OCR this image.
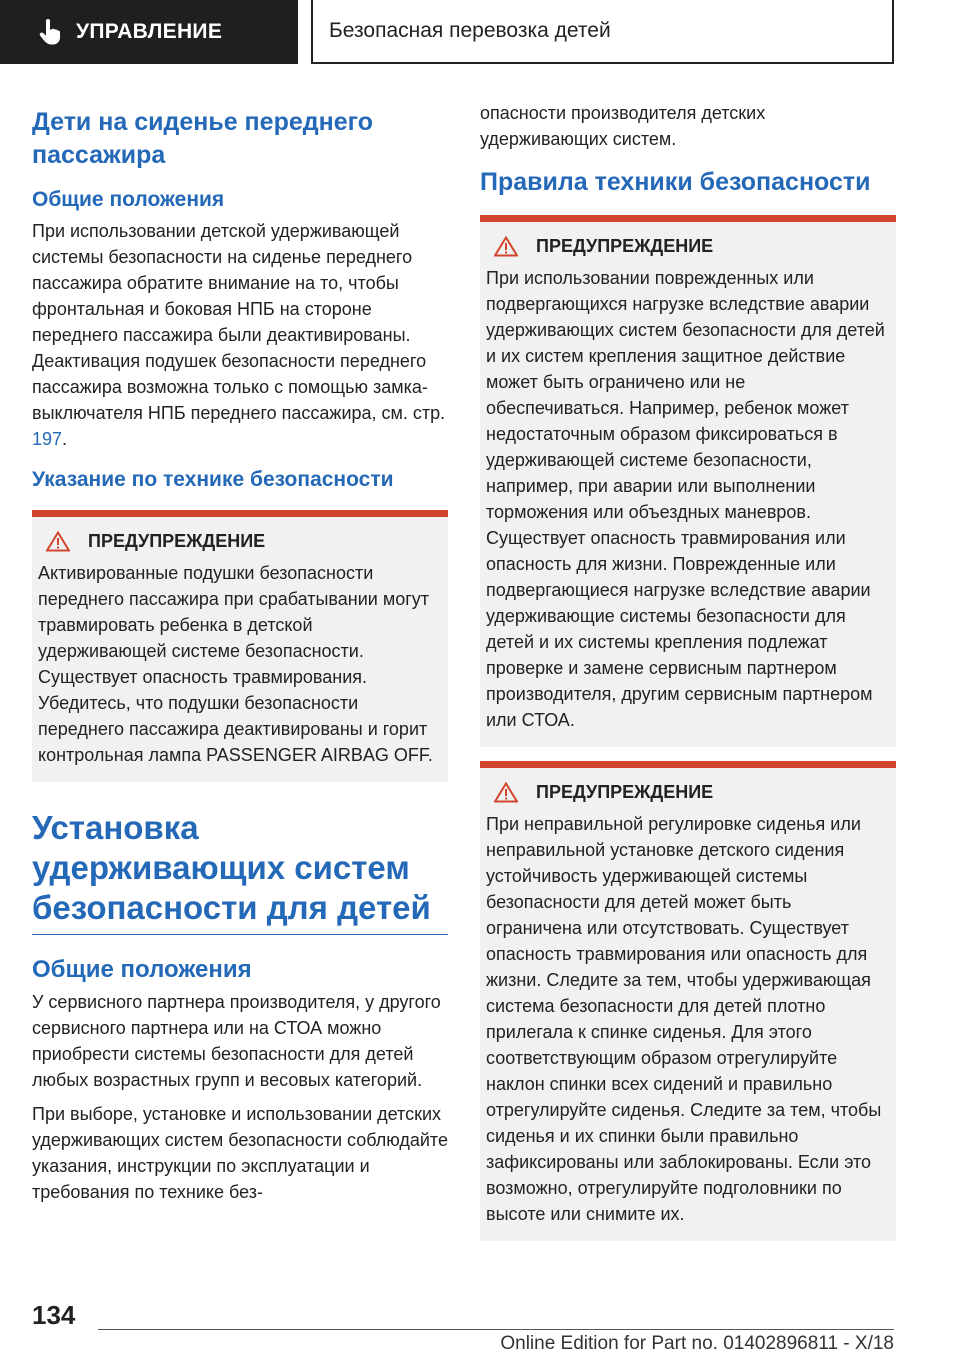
УПРАВЛЕНИЕ	Безопасная перевозка детей
Дети на сиденье переднего пассажира
Общие положения

При использовании детской удерживающей системы безопасности на сиденье переднего пассажира обратите внимание на то, чтобы фронтальная и боковая НПБ на стороне переднего пассажира были деактивированы. Деактивация подушек безопасности переднего пассажира возможна только с помощью замка-выключателя НПБ переднего пассажира, см. стр. 197.

Указание по технике безопасности
ПРЕДУПРЕЖДЕНИЕ

Активированные подушки безопасности переднего пассажира при срабатывании могут травмировать ребенка в детской удерживающей системе безопасности. Существует опасность травмирования. Убедитесь, что подушки безопасности переднего пассажира деактивированы и горит контрольная лампа PASSENGER AIRBAG OFF.

Установка удерживающих систем безопасности для детей
Общие положения

У сервисного партнера производителя, у другого сервисного партнера или на СТОА можно приобрести системы безопасности для детей любых возрастных групп и весовых категорий.

При выборе, установке и использовании детских удерживающих систем безопасности соблюдайте указания, инструкции по эксплуатации и требования по технике без-

опасности производителя детских удерживающих систем.

Правила техники безопасности
ПРЕДУПРЕЖДЕНИЕ

При использовании поврежденных или подвергающихся нагрузке вследствие аварии удерживающих систем безопасности для детей и их систем крепления защитное действие может быть ограничено или не обеспечиваться. Например, ребенок может недостаточным образом фиксироваться в удерживающей системе безопасности, например, при аварии или выполнении торможения или объездных маневров. Существует опасность травмирования или опасность для жизни. Поврежденные или подвергающиеся нагрузке вследствие аварии удерживающие системы безопасности для детей и их системы крепления подлежат проверке и замене сервисным партнером производителя, другим сервисным партнером или СТОА.

ПРЕДУПРЕЖДЕНИЕ

При неправильной регулировке сиденья или неправильной установке детского сидения устойчивость удерживающей системы безопасности для детей может быть ограничена или отсутствовать. Существует опасность травмирования или опасность для жизни. Следите за тем, чтобы удерживающая система безопасности для детей плотно прилегала к спинке сиденья. Для этого соответствующим образом отрегулируйте наклон спинки всех сидений и правильно отрегулируйте сиденья. Следите за тем, чтобы сиденья и их спинки были правильно зафиксированы или заблокированы. Если это возможно, отрегулируйте подголовники по высоте или снимите их.

134
Online Edition for Part no. 01402896811 - X/18
